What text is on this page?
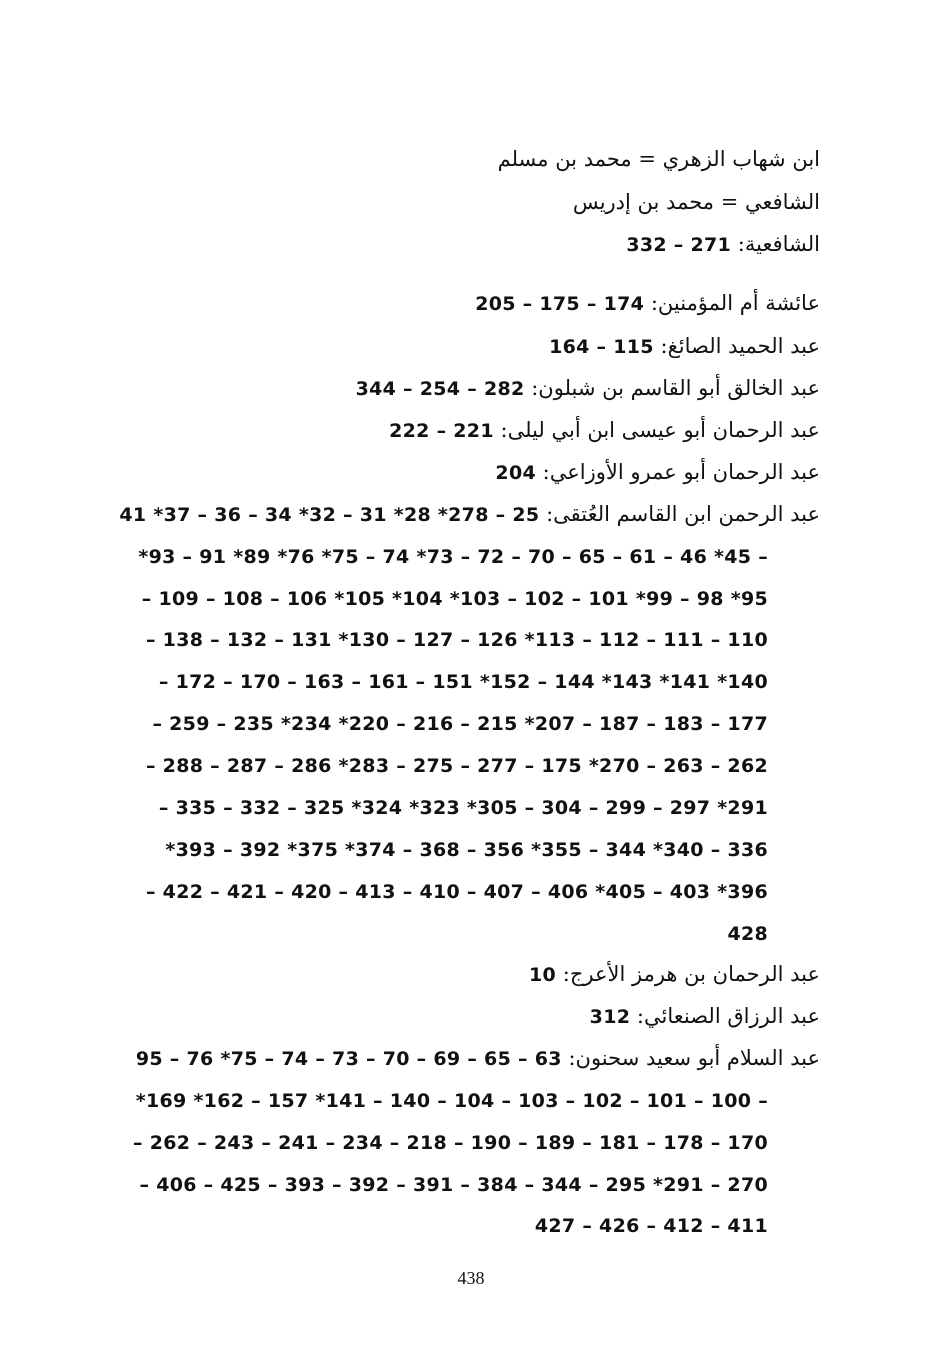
ابن شهاب الزهري = محمد بن مسلم
الشافعي = محمد بن إدريس
الشافعية: 332 – 271
عائشة أم المؤمنين: 205 – 175 – 174
عبد الحميد الصائغ: 164 – 115
عبد الخالق أبو القاسم بن شبلون: 344 – 254 – 282
عبد الرحمان أبو عيسى ابن أبي ليلى: 222 – 221
عبد الرحمان أبو عمرو الأوزاعي: 204
عبد الرحمن ابن القاسم العُتقى: 41 *37 – 36 – 34 *32 – 31 *28 *278 – 25
*93 – 91 *89 *76 *75 – 74 *73 – 72 – 70 – 65 – 61 – 46 *45 –
– 109 – 108 – 106 *105 *104 *103 – 102 – 101 *99 – 98 *95
– 138 – 132 – 131 *130 – 127 – 126 *113 – 112 – 111 – 110
– 172 – 170 – 163 – 161 – 151 *152 – 144 *143 *141 *140
– 259 – 235 *234 *220 – 216 – 215 *207 – 187 – 183 – 177
– 288 – 287 – 286 *283 – 275 – 277 – 175 *270 – 263 – 262
– 335 – 332 – 325 *324 *323 *305 – 304 – 299 – 297 *291
*393 – 392 *375 *374 – 368 – 356 *355 – 344 *340 – 336
– 422 – 421 – 420 – 413 – 410 – 407 – 406 *405 – 403 *396
428
عبد الرحمان بن هرمز الأعرج: 10
عبد الرزاق الصنعائي: 312
عبد السلام أبو سعيد سحنون: 95 – 76 *75 – 74 – 73 – 70 – 69 – 65 – 63
*169 *162 – 157 *141 – 140 – 104 – 103 – 102 – 101 – 100 –
– 262 – 243 – 241 – 234 – 218 – 190 – 189 – 181 – 178 – 170
– 406 – 425 – 393 – 392 – 391 – 384 – 344 – 295 *291 – 270
427 – 426 – 412 – 411
438
